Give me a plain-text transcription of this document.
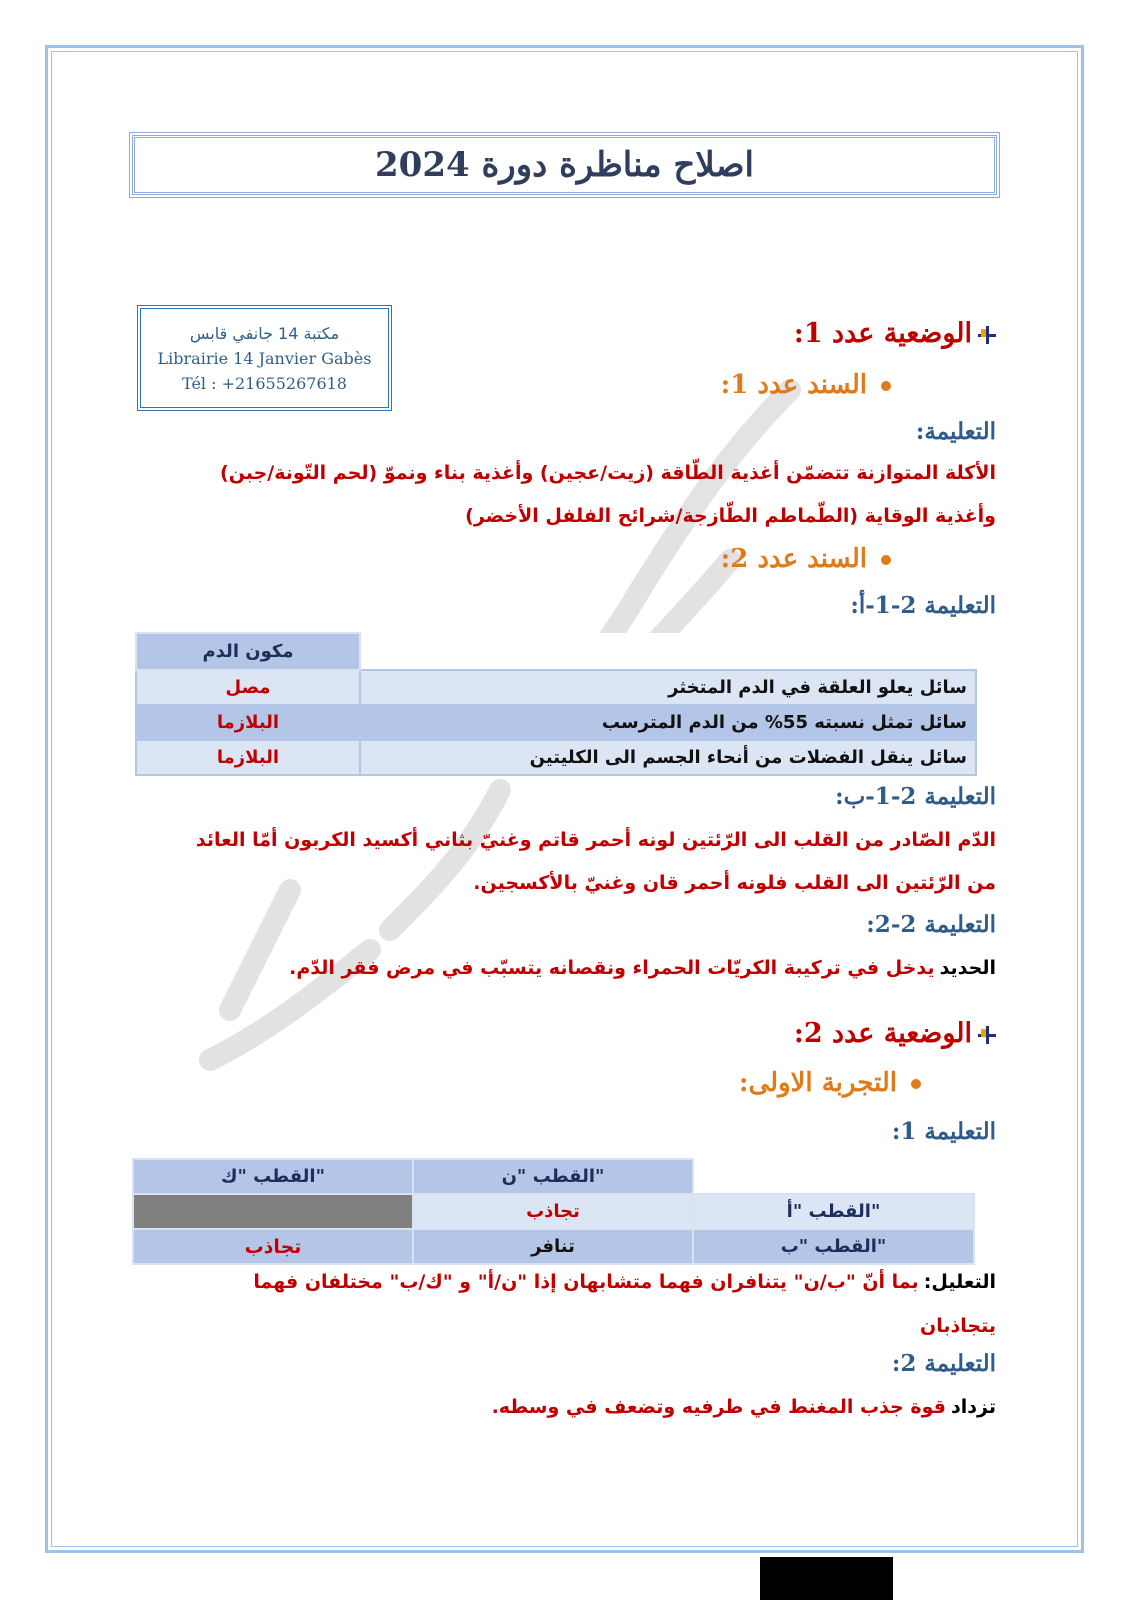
اصلاح مناظرة دورة 2024
مكتبة 14 جانفي قابس
Librairie 14 Janvier Gabès
Tél : +21655267618
الوضعية عدد 1:
السند عدد 1:
التعليمة:
الأكلة المتوازنة تتضمّن أغذية الطّاقة (زيت/عجين) وأغذية بناء ونموّ (لحم التّونة/جبن)
وأغذية الوقاية (الطّماطم الطّازجة/شرائح الفلفل الأخضر)
السند عدد 2:
التعليمة 2-1-أ:
مكون الدم	
مصل	سائل يعلو العلقة في الدم المتخثر
البلازما	سائل تمثل نسبته 55% من الدم المترسب
البلازما	سائل ينقل الفضلات من أنحاء الجسم الى الكليتين
التعليمة 2-1-ب:
الدّم الصّادر من القلب الى الرّئتين لونه أحمر قاتم وغنيّ بثاني أكسيد الكربون أمّا العائد
من الرّئتين الى القلب فلونه أحمر قان وغنيّ بالأكسجين.
التعليمة 2-2:
الحديد يدخل في تركيبة الكريّات الحمراء ونقصانه يتسبّب في مرض فقر الدّم.
الوضعية عدد 2:
التجربة الاولى:
التعليمة 1:
القطب "ك"	القطب "ن"	
	تجاذب	القطب "أ"
تجاذب	تنافر	القطب "ب"
التعليل: بما أنّ "ب/ن" يتنافران فهما متشابهان إذا "ن/أ" و "ك/ب" مختلفان فهما
يتجاذبان
التعليمة 2:
تزداد قوة جذب المغنط في طرفيه وتضعف في وسطه.
